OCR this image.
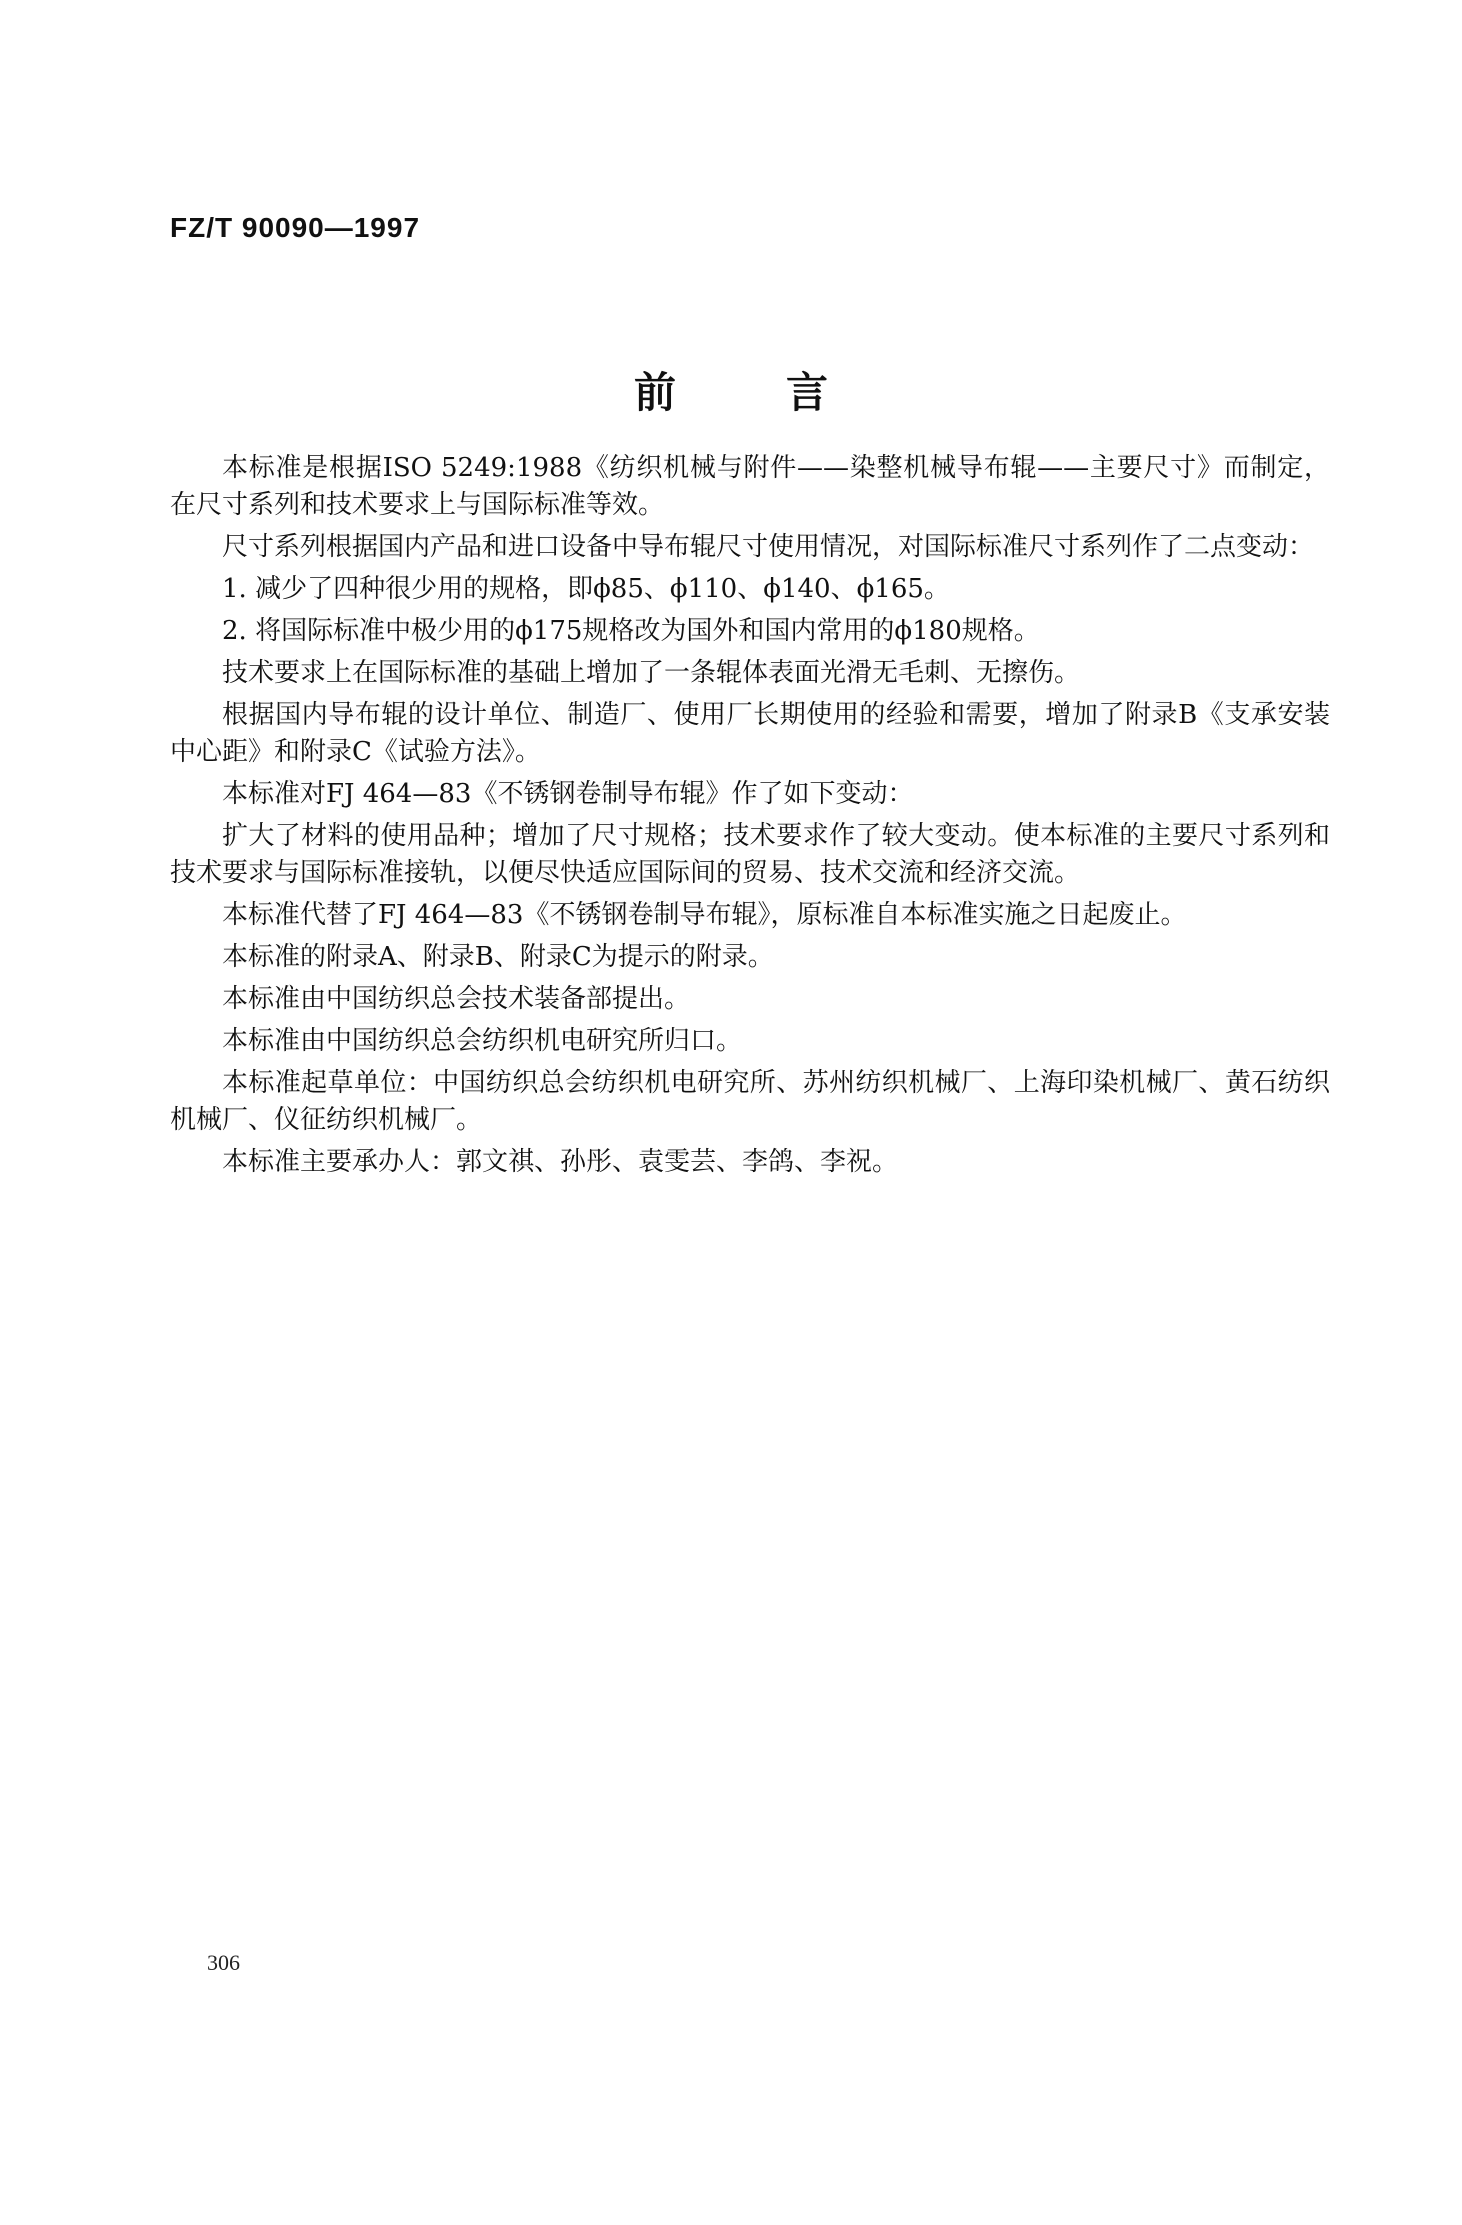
FZ/T 90090—1997
前言

本标准是根据ISO 5249:1988《纺织机械与附件——染整机械导布辊——主要尺寸》而制定，在尺寸系列和技术要求上与国际标准等效。

尺寸系列根据国内产品和进口设备中导布辊尺寸使用情况，对国际标准尺寸系列作了二点变动：

1. 减少了四种很少用的规格，即ϕ85、ϕ110、ϕ140、ϕ165。

2. 将国际标准中极少用的ϕ175规格改为国外和国内常用的ϕ180规格。

技术要求上在国际标准的基础上增加了一条辊体表面光滑无毛刺、无擦伤。

根据国内导布辊的设计单位、制造厂、使用厂长期使用的经验和需要，增加了附录B《支承安装中心距》和附录C《试验方法》。

本标准对FJ 464—83《不锈钢卷制导布辊》作了如下变动：

扩大了材料的使用品种；增加了尺寸规格；技术要求作了较大变动。使本标准的主要尺寸系列和技术要求与国际标准接轨，以便尽快适应国际间的贸易、技术交流和经济交流。

本标准代替了FJ 464—83《不锈钢卷制导布辊》，原标准自本标准实施之日起废止。

本标准的附录A、附录B、附录C为提示的附录。

本标准由中国纺织总会技术装备部提出。

本标准由中国纺织总会纺织机电研究所归口。

本标准起草单位：中国纺织总会纺织机电研究所、苏州纺织机械厂、上海印染机械厂、黄石纺织机械厂、仪征纺织机械厂。

本标准主要承办人：郭文祺、孙彤、袁雯芸、李鸽、李祝。

306
